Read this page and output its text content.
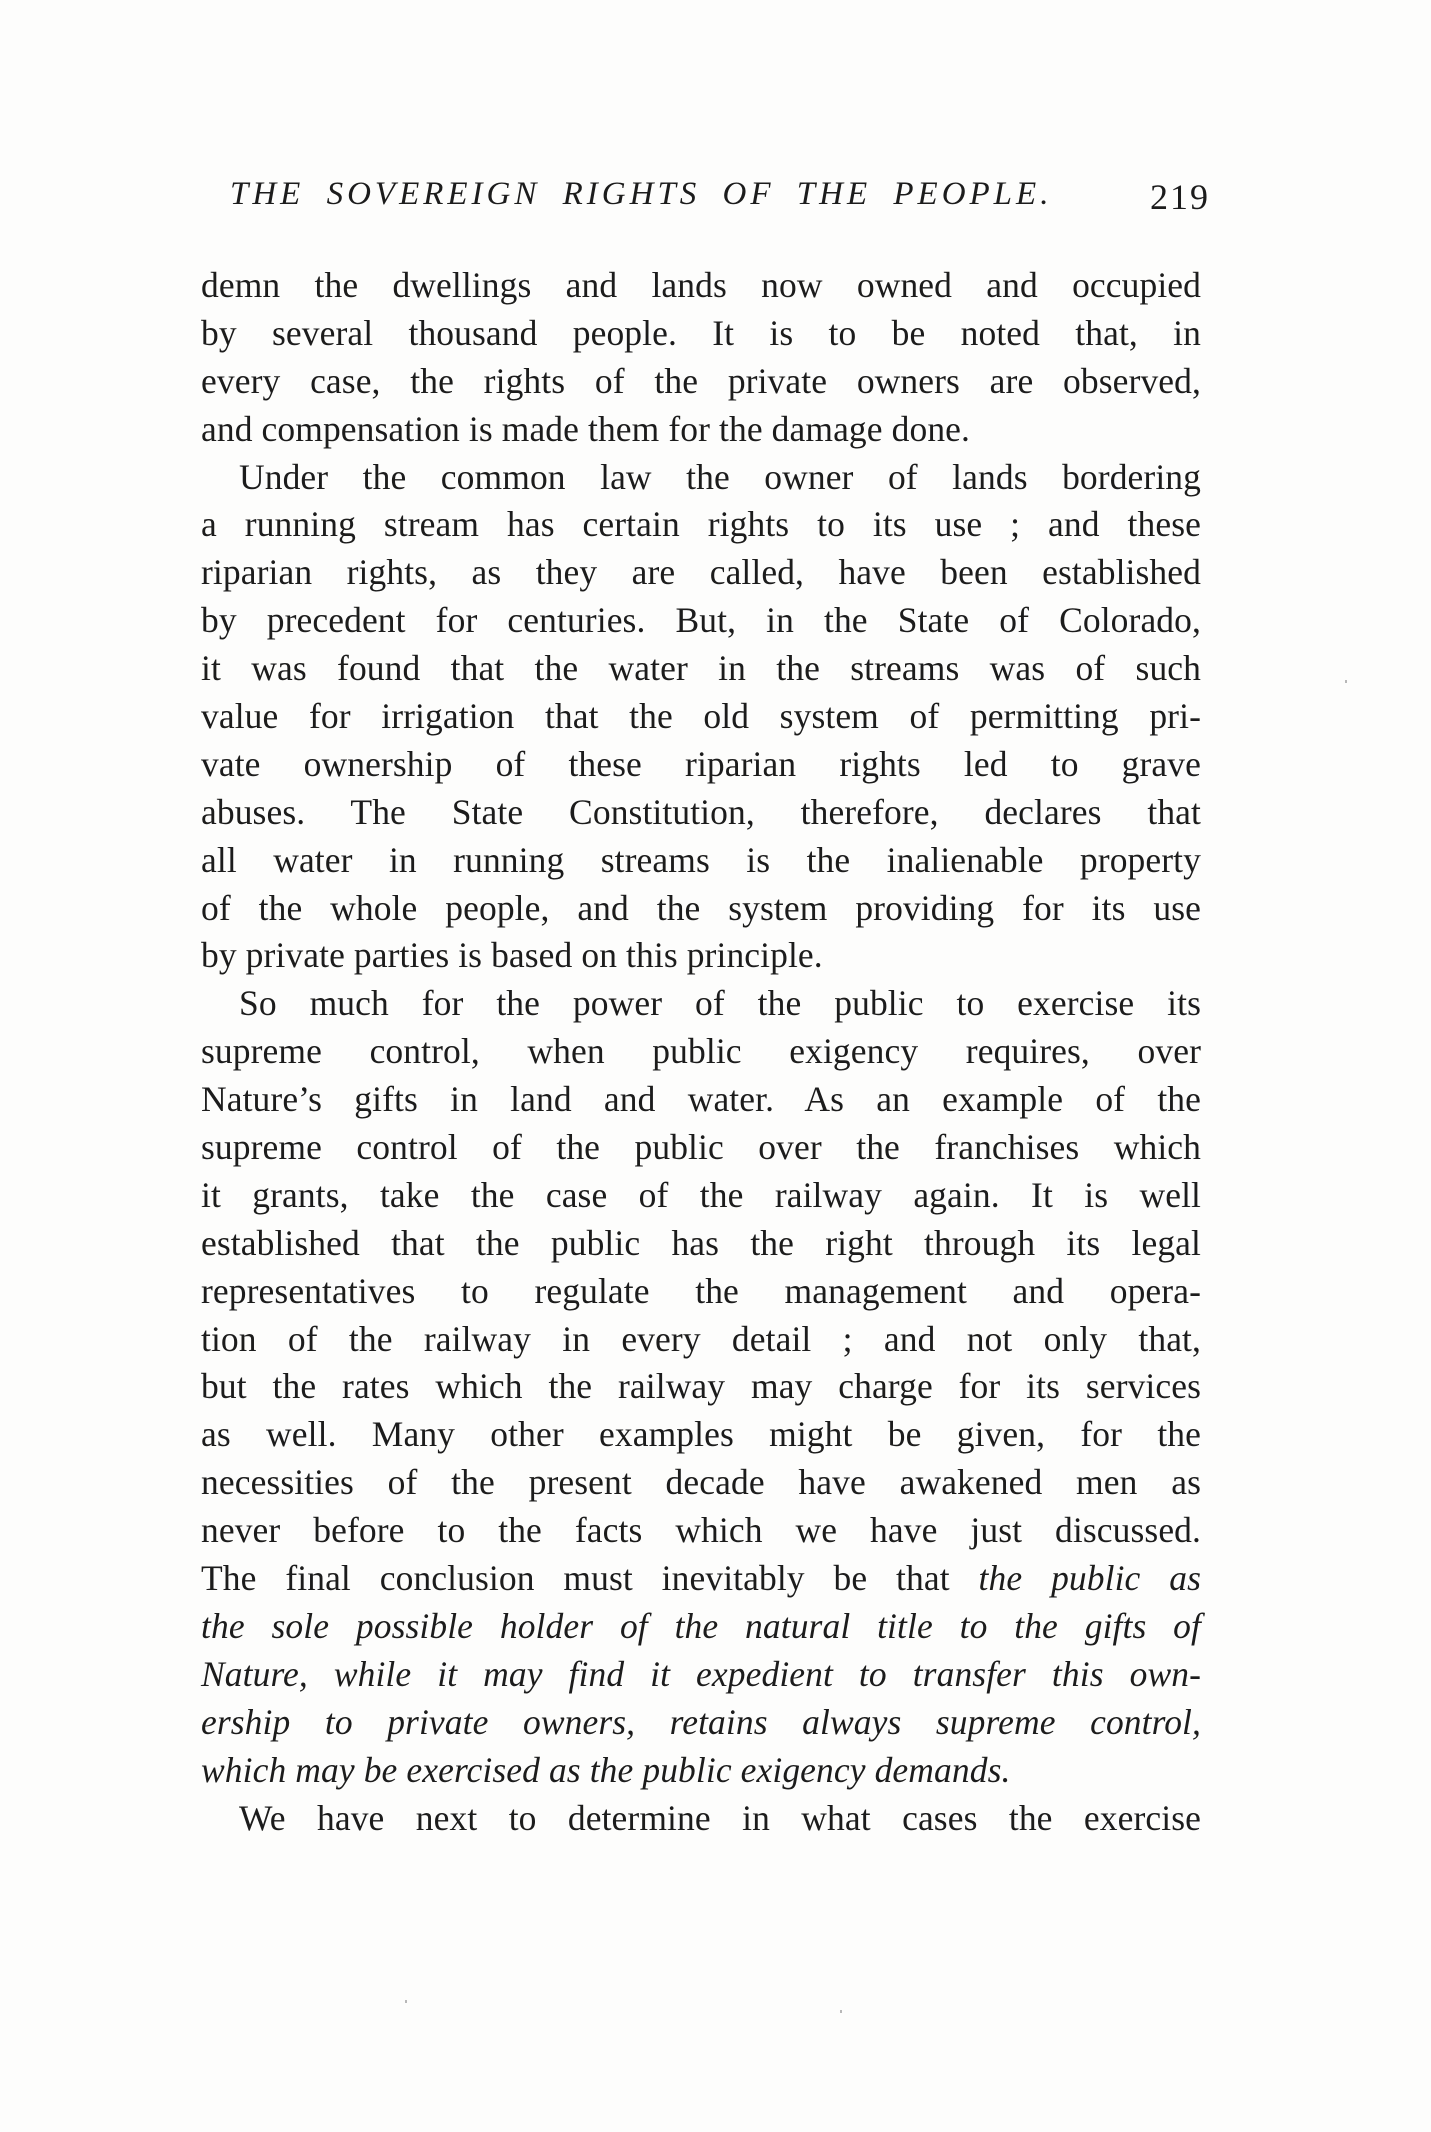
THE SOVEREIGN RIGHTS OF THE PEOPLE.	219
demn the dwellings and lands now owned and occupied
by several thousand people. It is to be noted that, in
every case, the rights of the private owners are observed,
and compensation is made them for the damage done.
Under the common law the owner of lands bordering
a running stream has certain rights to its use ; and these
riparian rights, as they are called, have been established
by precedent for centuries. But, in the State of Colorado,
it was found that the water in the streams was of such
value for irrigation that the old system of permitting pri-
vate ownership of these riparian rights led to grave
abuses. The State Constitution, therefore, declares that
all water in running streams is the inalienable property
of the whole people, and the system providing for its use
by private parties is based on this principle.
So much for the power of the public to exercise its
supreme control, when public exigency requires, over
Nature’s gifts in land and water. As an example of the
supreme control of the public over the franchises which
it grants, take the case of the railway again. It is well
established that the public has the right through its legal
representatives to regulate the management and opera-
tion of the railway in every detail ; and not only that,
but the rates which the railway may charge for its services
as well. Many other examples might be given, for the
necessities of the present decade have awakened men as
never before to the facts which we have just discussed.
The final conclusion must inevitably be that the public as
the sole possible holder of the natural title to the gifts of
Nature, while it may find it expedient to transfer this own-
ership to private owners, retains always supreme control,
which may be exercised as the public exigency demands.
We have next to determine in what cases the exercise
